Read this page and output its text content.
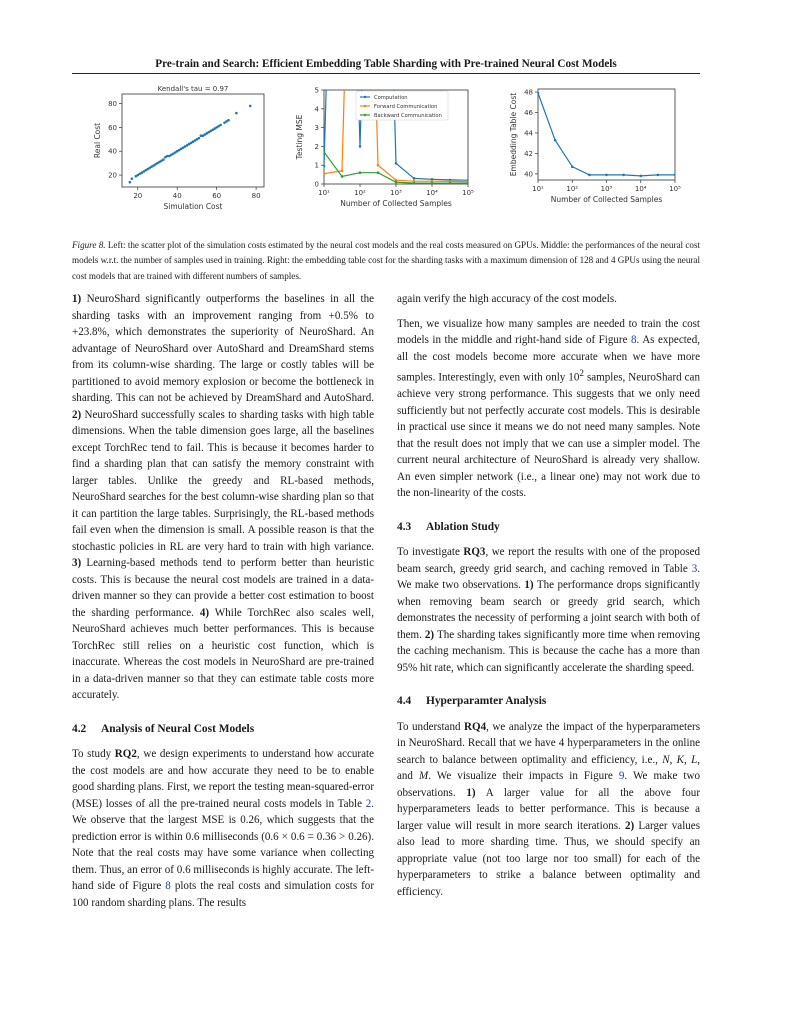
Pre-train and Search: Efficient Embedding Table Sharding with Pre-trained Neural Cost Models
20	40	60	80
20
40
60
80
Simulation Cost
Real Cost
Kendall's tau = 0.97
10¹	10²	10³	10⁴	10⁵
0
1
2
3
4
5
Number of Collected Samples
Testing MSE
Computation
Forward Communication
Backward Communication
10¹	10²	10³	10⁴	10⁵
40
42
44
46
48
Number of Collected Samples
Embedding Table Cost
Figure 8. Left: the scatter plot of the simulation costs estimated by the neural cost models and the real costs measured on GPUs. Middle: the performances of the neural cost models w.r.t. the number of samples used in training. Right: the embedding table cost for the sharding tasks with a maximum dimension of 128 and 4 GPUs using the neural cost models that are trained with different numbers of samples.

1) NeuroShard significantly outperforms the baselines in all the sharding tasks with an improvement ranging from +0.5% to +23.8%, which demonstrates the superiority of NeuroShard. An advantage of NeuroShard over AutoShard and DreamShard stems from its column-wise sharding. The large or costly tables will be partitioned to avoid memory explosion or become the bottleneck in sharding. This can not be achieved by DreamShard and AutoShard. 2) NeuroShard successfully scales to sharding tasks with high table dimensions. When the table dimension goes large, all the baselines except TorchRec tend to fail. This is because it becomes harder to find a sharding plan that can satisfy the memory constraint with larger tables. Unlike the greedy and RL-based methods, NeuroShard searches for the best column-wise sharding plan so that it can partition the large tables. Surprisingly, the RL-based methods fail even when the dimension is small. A possible reason is that the stochastic policies in RL are very hard to train with high variance. 3) Learning-based methods tend to perform better than heuristic costs. This is because the neural cost models are trained in a data-driven manner so they can provide a better cost estimation to boost the sharding performance. 4) While TorchRec also scales well, NeuroShard achieves much better performances. This is because TorchRec still relies on a heuristic cost function, which is inaccurate. Whereas the cost models in NeuroShard are pre-trained in a data-driven manner so that they can estimate table costs more accurately.

4.2 Analysis of Neural Cost Models

To study RQ2, we design experiments to understand how accurate the cost models are and how accurate they need to be to enable good sharding plans. First, we report the testing mean-squared-error (MSE) losses of all the pre-trained neural costs models in Table 2. We observe that the largest MSE is 0.26, which suggests that the prediction error is within 0.6 milliseconds (0.6 × 0.6 = 0.36 > 0.26). Note that the real costs may have some variance when collecting them. Thus, an error of 0.6 milliseconds is highly accurate. The left-hand side of Figure 8 plots the real costs and simulation costs for 100 random sharding plans. The results

again verify the high accuracy of the cost models.

Then, we visualize how many samples are needed to train the cost models in the middle and right-hand side of Figure 8. As expected, all the cost models become more accurate when we have more samples. Interestingly, even with only $10^2$ samples, NeuroShard can achieve very strong performance. This suggests that we only need sufficiently but not perfectly accurate cost models. This is desirable in practical use since it means we do not need many samples. Note that the result does not imply that we can use a simpler model. The current neural architecture of NeuroShard is already very shallow. An even simpler network (i.e., a linear one) may not work due to the non-linearity of the costs.

4.3 Ablation Study

To investigate RQ3, we report the results with one of the proposed beam search, greedy grid search, and caching removed in Table 3. We make two observations. 1) The performance drops significantly when removing beam search or greedy grid search, which demonstrates the necessity of performing a joint search with both of them. 2) The sharding takes significantly more time when removing the caching mechanism. This is because the cache has a more than 95% hit rate, which can significantly accelerate the sharding speed.

4.4 Hyperparamter Analysis

To understand RQ4, we analyze the impact of the hyperparameters in NeuroShard. Recall that we have 4 hyperparameters in the online search to balance between optimality and efficiency, i.e., N, K, L, and M. We visualize their impacts in Figure 9. We make two observations. 1) A larger value for all the above four hyperparameters leads to better performance. This is because a larger value will result in more search iterations. 2) Larger values also lead to more sharding time. Thus, we should specify an appropriate value (not too large nor too small) for each of the hyperparameters to strike a balance between optimality and efficiency.
